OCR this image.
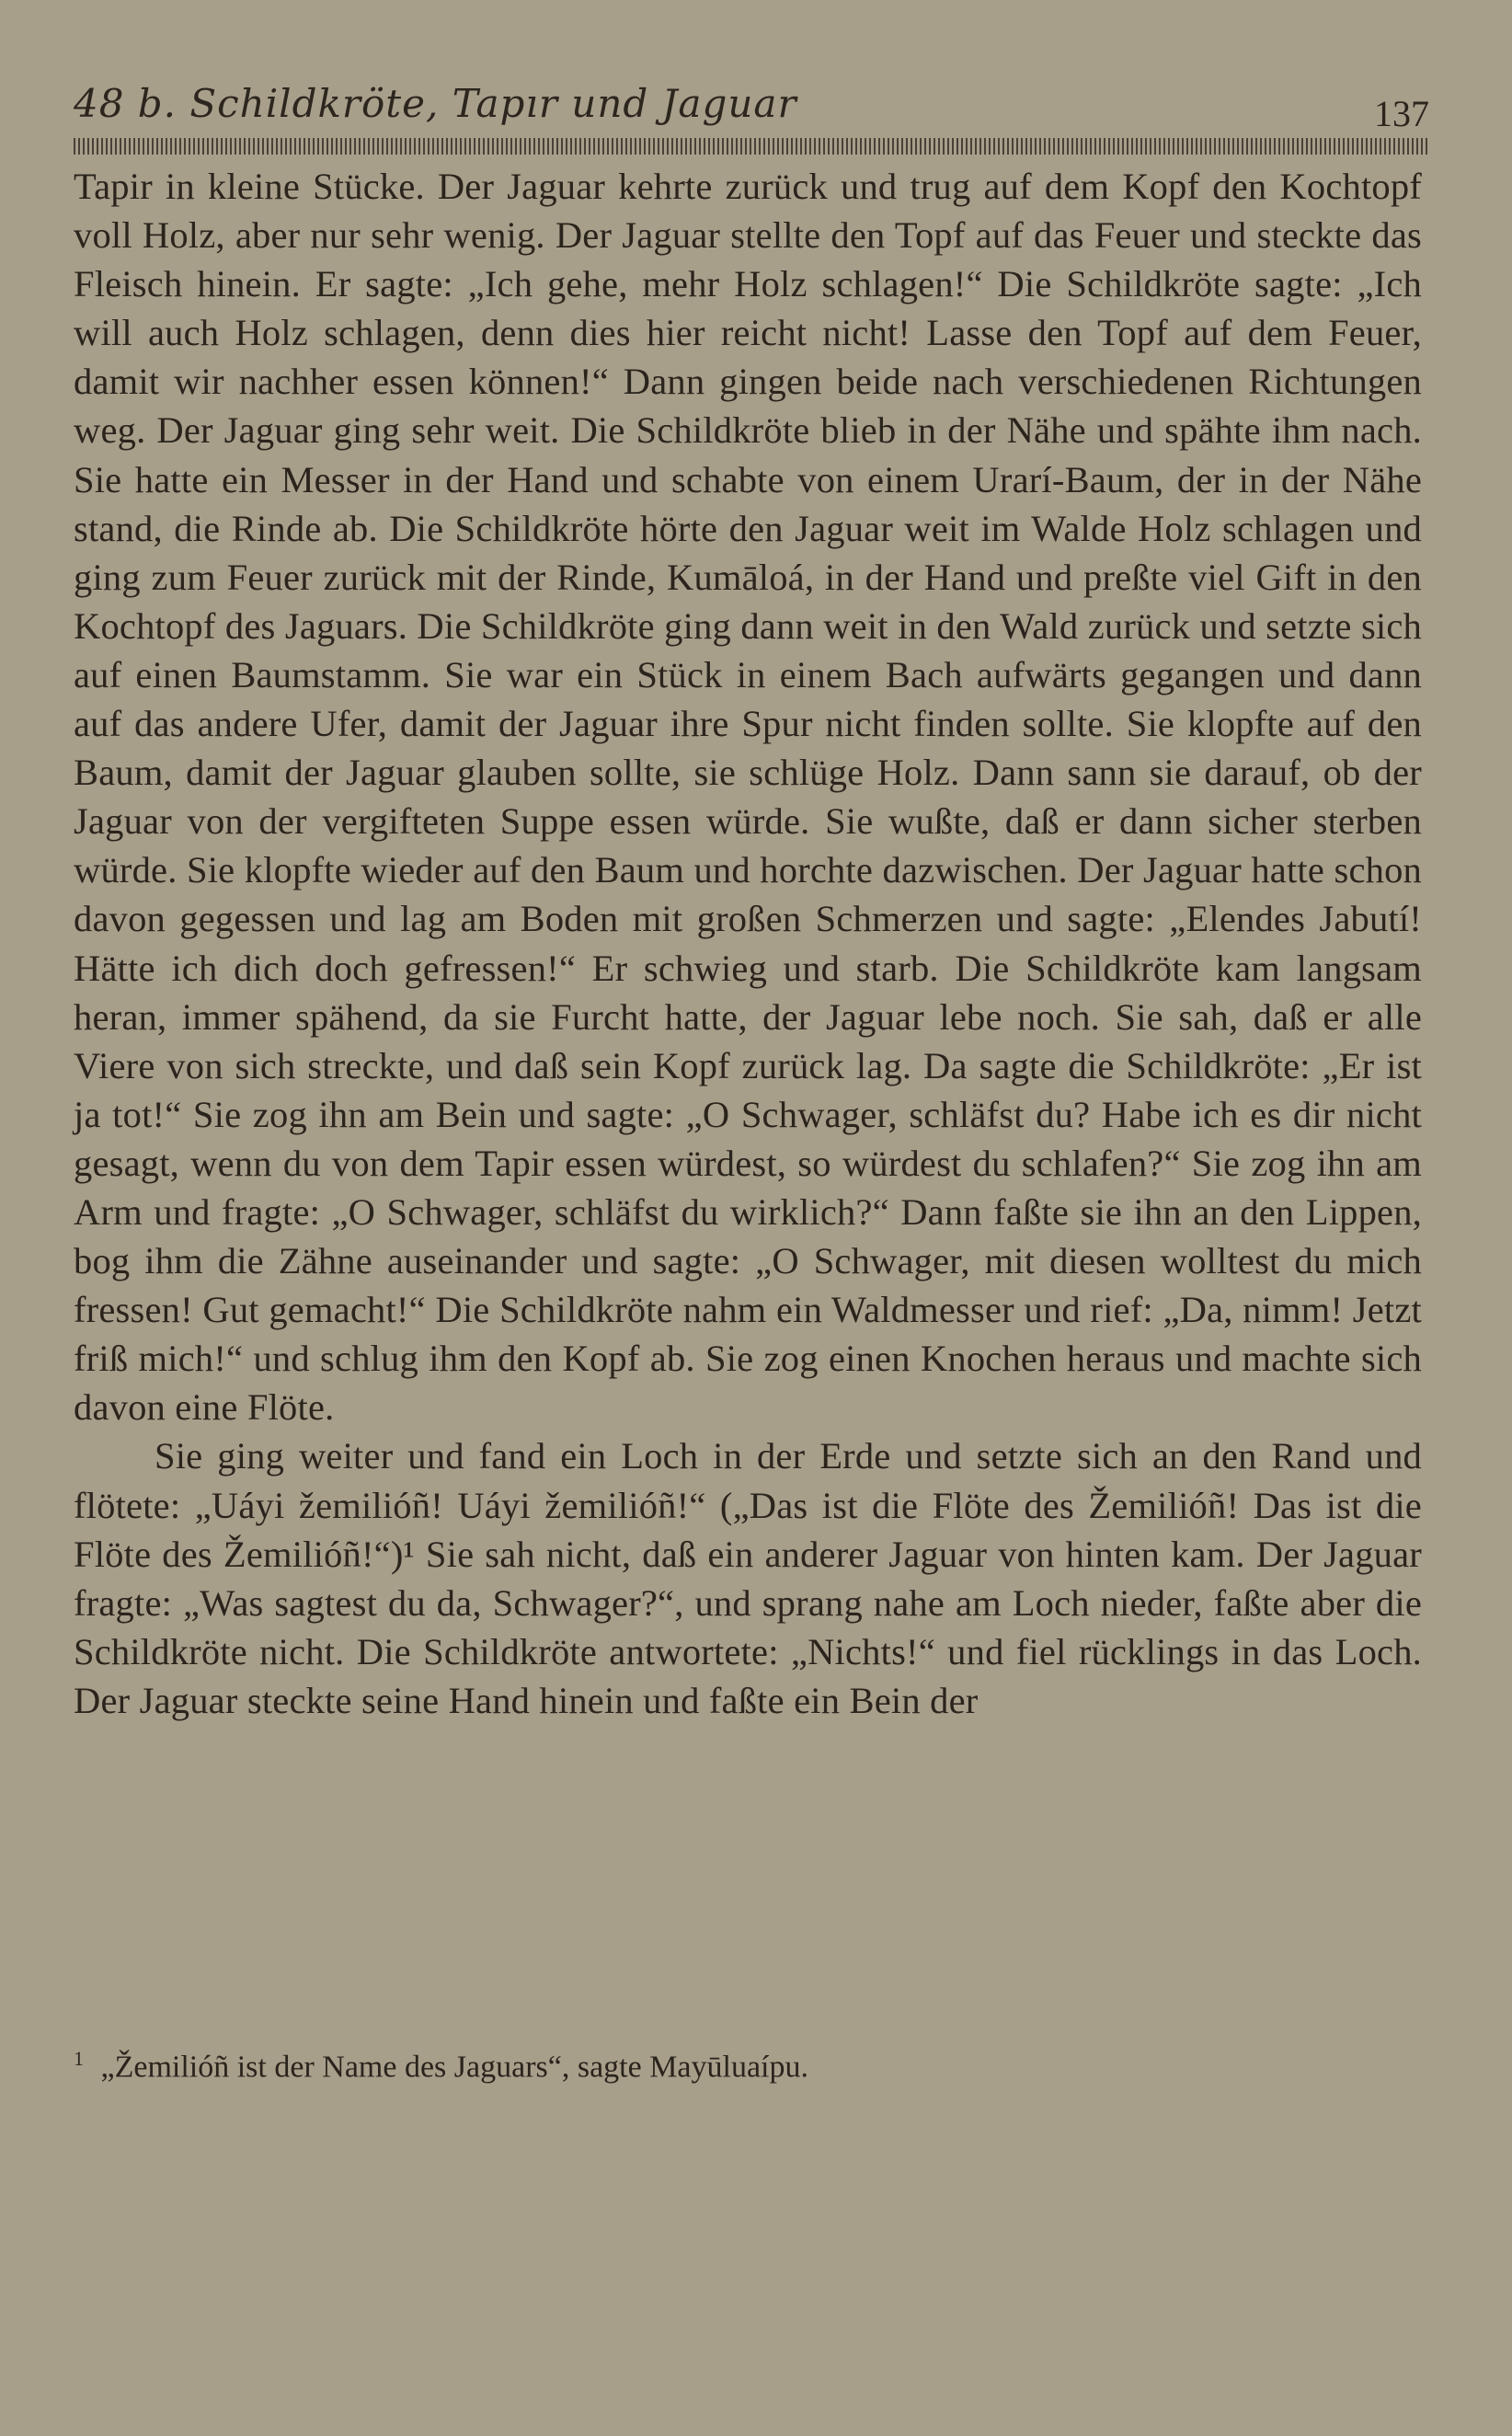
48 b. Schildkröte, Tapır und Jaguar	137

Tapir in kleine Stücke. Der Jaguar kehrte zurück und trug auf dem Kopf den Kochtopf voll Holz, aber nur sehr wenig. Der Jaguar stellte den Topf auf das Feuer und steckte das Fleisch hinein. Er sagte: „Ich gehe, mehr Holz schlagen!“ Die Schildkröte sagte: „Ich will auch Holz schlagen, denn dies hier reicht nicht! Lasse den Topf auf dem Feuer, damit wir nachher essen können!“ Dann gingen beide nach verschiedenen Richtungen weg. Der Jaguar ging sehr weit. Die Schildkröte blieb in der Nähe und spähte ihm nach. Sie hatte ein Messer in der Hand und schabte von einem Urarí-Baum, der in der Nähe stand, die Rinde ab. Die Schildkröte hörte den Jaguar weit im Walde Holz schlagen und ging zum Feuer zurück mit der Rinde, Kumāloá, in der Hand und preßte viel Gift in den Kochtopf des Jaguars. Die Schildkröte ging dann weit in den Wald zurück und setzte sich auf einen Baumstamm. Sie war ein Stück in einem Bach aufwärts gegangen und dann auf das andere Ufer, damit der Jaguar ihre Spur nicht finden sollte. Sie klopfte auf den Baum, damit der Jaguar glauben sollte, sie schlüge Holz. Dann sann sie darauf, ob der Jaguar von der vergifteten Suppe essen würde. Sie wußte, daß er dann sicher sterben würde. Sie klopfte wieder auf den Baum und horchte dazwischen. Der Jaguar hatte schon davon gegessen und lag am Boden mit großen Schmerzen und sagte: „Elendes Jabutí! Hätte ich dich doch gefressen!“ Er schwieg und starb. Die Schildkröte kam langsam heran, immer spähend, da sie Furcht hatte, der Jaguar lebe noch. Sie sah, daß er alle Viere von sich streckte, und daß sein Kopf zurück lag. Da sagte die Schildkröte: „Er ist ja tot!“ Sie zog ihn am Bein und sagte: „O Schwager, schläfst du? Habe ich es dir nicht gesagt, wenn du von dem Tapir essen würdest, so würdest du schlafen?“ Sie zog ihn am Arm und fragte: „O Schwager, schläfst du wirklich?“ Dann faßte sie ihn an den Lippen, bog ihm die Zähne auseinander und sagte: „O Schwager, mit diesen wolltest du mich fressen! Gut gemacht!“ Die Schildkröte nahm ein Waldmesser und rief: „Da, nimm! Jetzt friß mich!“ und schlug ihm den Kopf ab. Sie zog einen Knochen heraus und machte sich davon eine Flöte.

Sie ging weiter und fand ein Loch in der Erde und setzte sich an den Rand und flötete: „Uáyi žemilióñ! Uáyi žemilióñ!“ („Das ist die Flöte des Žemilióñ! Das ist die Flöte des Žemilióñ!“)¹ Sie sah nicht, daß ein anderer Jaguar von hinten kam. Der Jaguar fragte: „Was sagtest du da, Schwager?“, und sprang nahe am Loch nieder, faßte aber die Schildkröte nicht. Die Schildkröte antwortete: „Nichts!“ und fiel rücklings in das Loch. Der Jaguar steckte seine Hand hinein und faßte ein Bein der

$^1$ „Žemilióñ ist der Name des Jaguars“, sagte Mayūluaípu.
